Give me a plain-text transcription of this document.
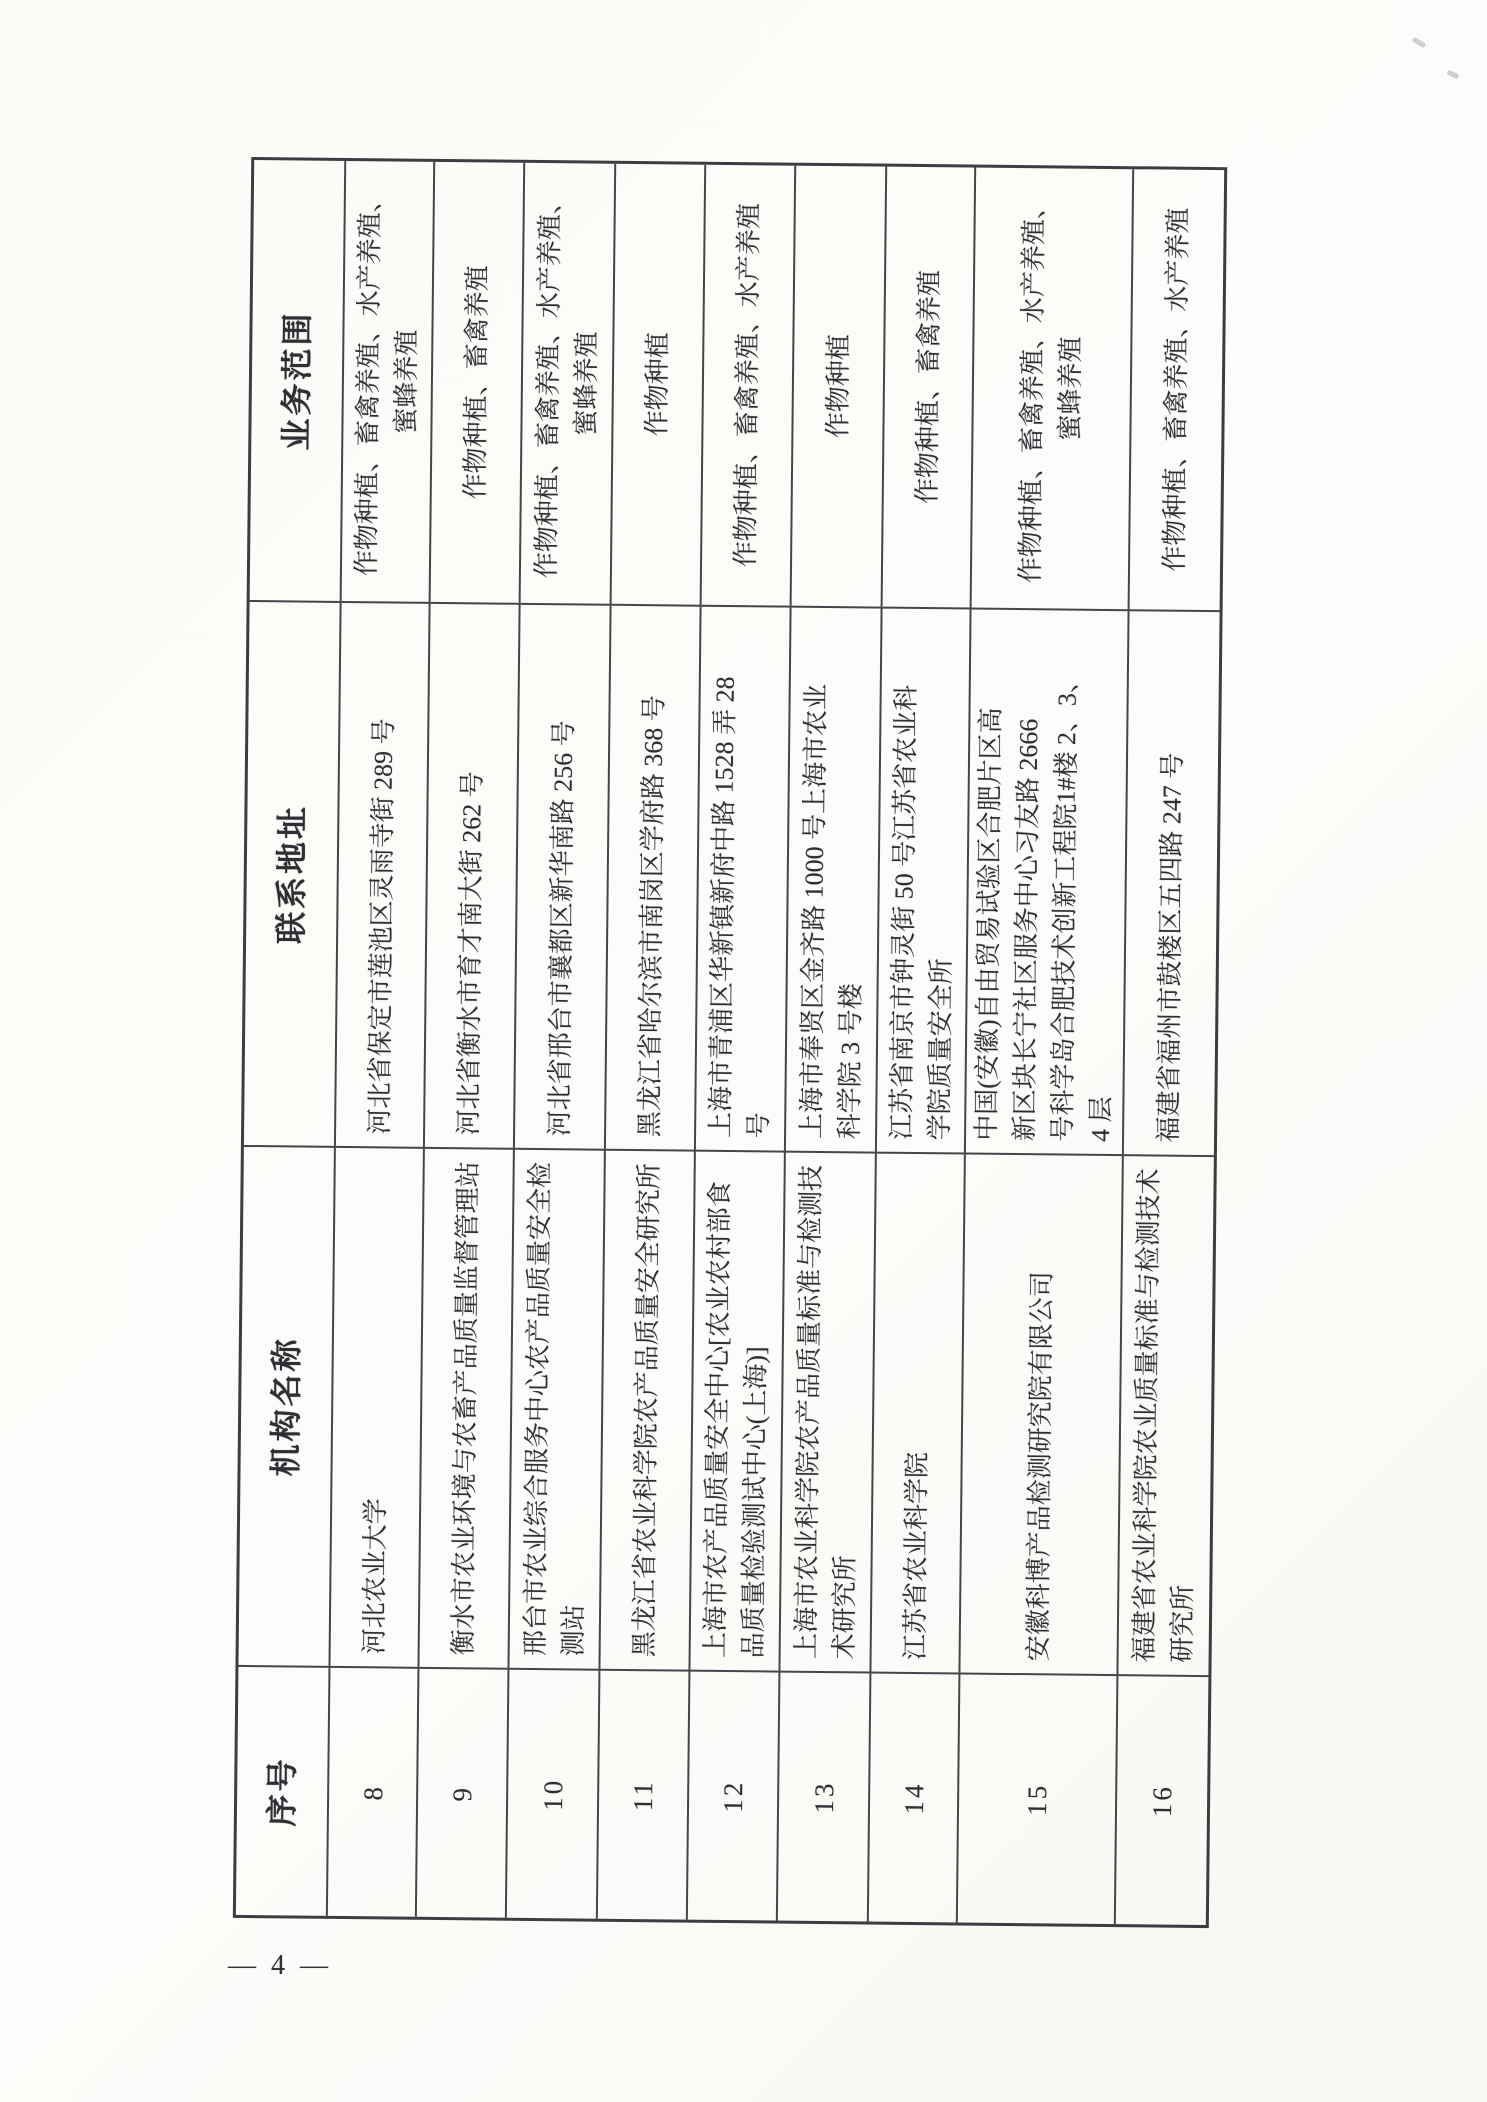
序号
机构名称
联系地址
业务范围
8
河北农业大学
河北省保定市莲池区灵雨寺街 289 号
作物种植、畜禽养殖、水产养殖、
蜜蜂养殖
9
衡水市农业环境与农畜产品质量监督管理站
河北省衡水市育才南大街 262 号
作物种植、畜禽养殖
10
邢台市农业综合服务中心农产品质量安全检
测站
河北省邢台市襄都区新华南路 256 号
作物种植、畜禽养殖、水产养殖、
蜜蜂养殖
11
黑龙江省农业科学院农产品质量安全研究所
黑龙江省哈尔滨市南岗区学府路 368 号
作物种植
12
上海市农产品质量安全中心[农业农村部食
品质量检验测试中心(上海)]
上海市青浦区华新镇新府中路 1528 弄 28
号
作物种植、畜禽养殖、水产养殖
13
上海市农业科学院农产品质量标准与检测技
术研究所
上海市奉贤区金齐路 1000 号上海市农业
科学院 3 号楼
作物种植
14
江苏省农业科学院
江苏省南京市钟灵街 50 号江苏省农业科
学院质量安全所
作物种植、畜禽养殖
15
安徽科博产品检测研究院有限公司
中国(安徽)自由贸易试验区合肥片区高
新区块长宁社区服务中心习友路 2666
号科学岛合肥技术创新工程院1#楼 2、3、
4 层
作物种植、畜禽养殖、水产养殖、
蜜蜂养殖
16
福建省农业科学院农业质量标准与检测技术
研究所
福建省福州市鼓楼区五四路 247 号
作物种植、畜禽养殖、水产养殖
— 4 —
